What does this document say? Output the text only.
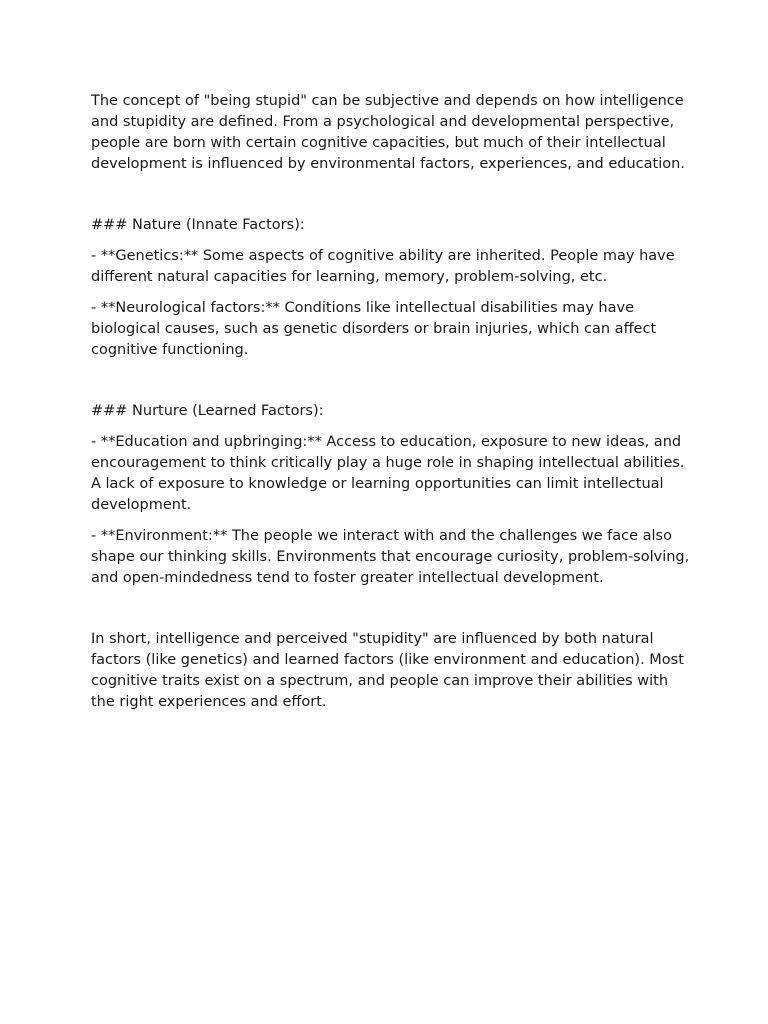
The concept of "being stupid" can be subjective and depends on how intelligence and stupidity are defined. From a psychological and developmental perspective, people are born with certain cognitive capacities, but much of their intellectual development is influenced by environmental factors, experiences, and education.

### Nature (Innate Factors):

- **Genetics:** Some aspects of cognitive ability are inherited. People may have different natural capacities for learning, memory, problem-solving, etc.

- **Neurological factors:** Conditions like intellectual disabilities may have biological causes, such as genetic disorders or brain injuries, which can affect cognitive functioning.

### Nurture (Learned Factors):

- **Education and upbringing:** Access to education, exposure to new ideas, and encouragement to think critically play a huge role in shaping intellectual abilities. A lack of exposure to knowledge or learning opportunities can limit intellectual development.

- **Environment:** The people we interact with and the challenges we face also shape our thinking skills. Environments that encourage curiosity, problem-solving, and open-mindedness tend to foster greater intellectual development.

In short, intelligence and perceived "stupidity" are influenced by both natural factors (like genetics) and learned factors (like environment and education). Most cognitive traits exist on a spectrum, and people can improve their abilities with the right experiences and effort.
